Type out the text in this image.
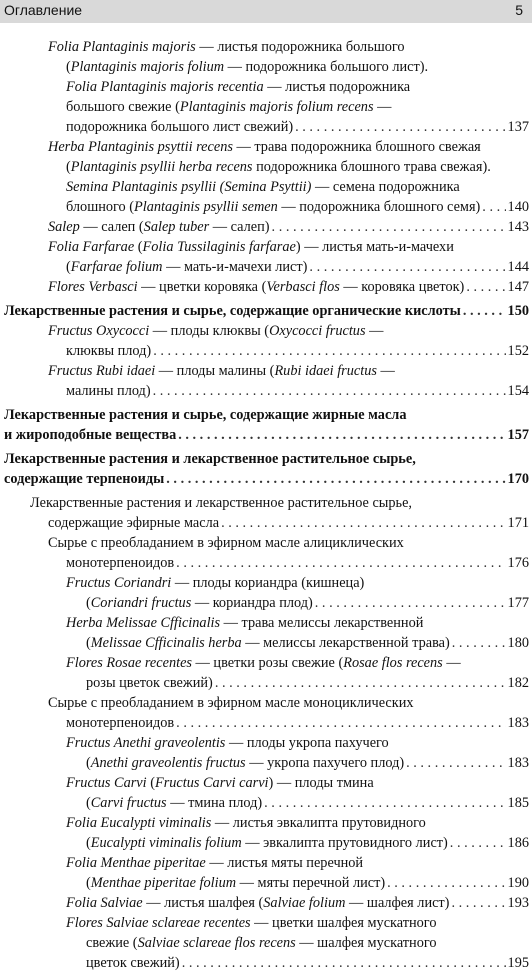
Оглавление	5
Folia Plantaginis majoris — листья подорожника большого
(Plantaginis majoris folium — подорожника большого лист).
Folia Plantaginis majoris recentia — листья подорожника
большого свежие (Plantaginis majoris folium recens —
подорожника большого лист свежий) . . .	137
Herba Plantaginis psyttii recens — трава подорожника блошного свежая
(Plantaginis psyllii herba recens подорожника блошного трава свежая).
Semina Plantaginis psyllii (Semina Psyttii) — семена подорожника
блошного (Plantaginis psyllii semen — подорожника блошного семя) . . . 140
Salep — салеп (Salep tuber — салеп) . . .	143
Folia Farfarae (Folia Tussilaginis farfarae) — листья мать-и-мачехи
(Farfarae folium — мать-и-мачехи лист) . . .	144
Flores Verbasci — цветки коровяка (Verbasci flos — коровяка цветок) . . .	147
Лекарственные растения и сырье, содержащие органические кислоты . . .	150
Fructus Oxycocci — плоды клюквы (Oxycocci fructus —
клюквы плод) . . .	152
Fructus Rubi idaei — плоды малины (Rubi idaei fructus —
малины плод) . . .	154
Лекарственные растения и сырье, содержащие жирные масла
и жироподобные вещества . . .	157
Лекарственные растения и лекарственное растительное сырье,
содержащие терпеноиды . . .	170
Лекарственные растения и лекарственное растительное сырье,
содержащие эфирные масла . . .	171
Сырье с преобладанием в эфирном масле алициклических
монотерпеноидов . . .	176
Fructus Coriandri — плоды кориандра (кишнеца)
(Coriandri fructus — кориандра плод) . . .	177
Herba Melissae Cfficinalis — трава мелиссы лекарственной
(Melissae Cfficinalis herba — мелиссы лекарственной трава) . . .	180
Flores Rosae recentes — цветки розы свежие (Rosae flos recens —
розы цветок свежий) . . .	182
Сырье с преобладанием в эфирном масле моноциклических
монотерпеноидов . . .	183
Fructus Anethi graveolentis — плоды укропа пахучего
(Anethi graveolentis fructus — укропа пахучего плод) . . .	183
Fructus Carvi (Fructus Carvi carvi) — плоды тмина
(Carvi fructus — тмина плод) . . .	185
Folia Eucalypti viminalis — листья эвкалипта прутовидного
(Eucalypti viminalis folium — эвкалипта прутовидного лист) . . .	186
Folia Menthae piperitae — листья мяты перечной
(Menthae piperitae folium — мяты перечной лист) . . .	190
Folia Salviae — листья шалфея (Salviae folium — шалфея лист) . . .	193
Flores Salviae sclareae recentes — цветки шалфея мускатного
свежие (Salviae sclareae flos recens — шалфея мускатного
цветок свежий) . . .	195
